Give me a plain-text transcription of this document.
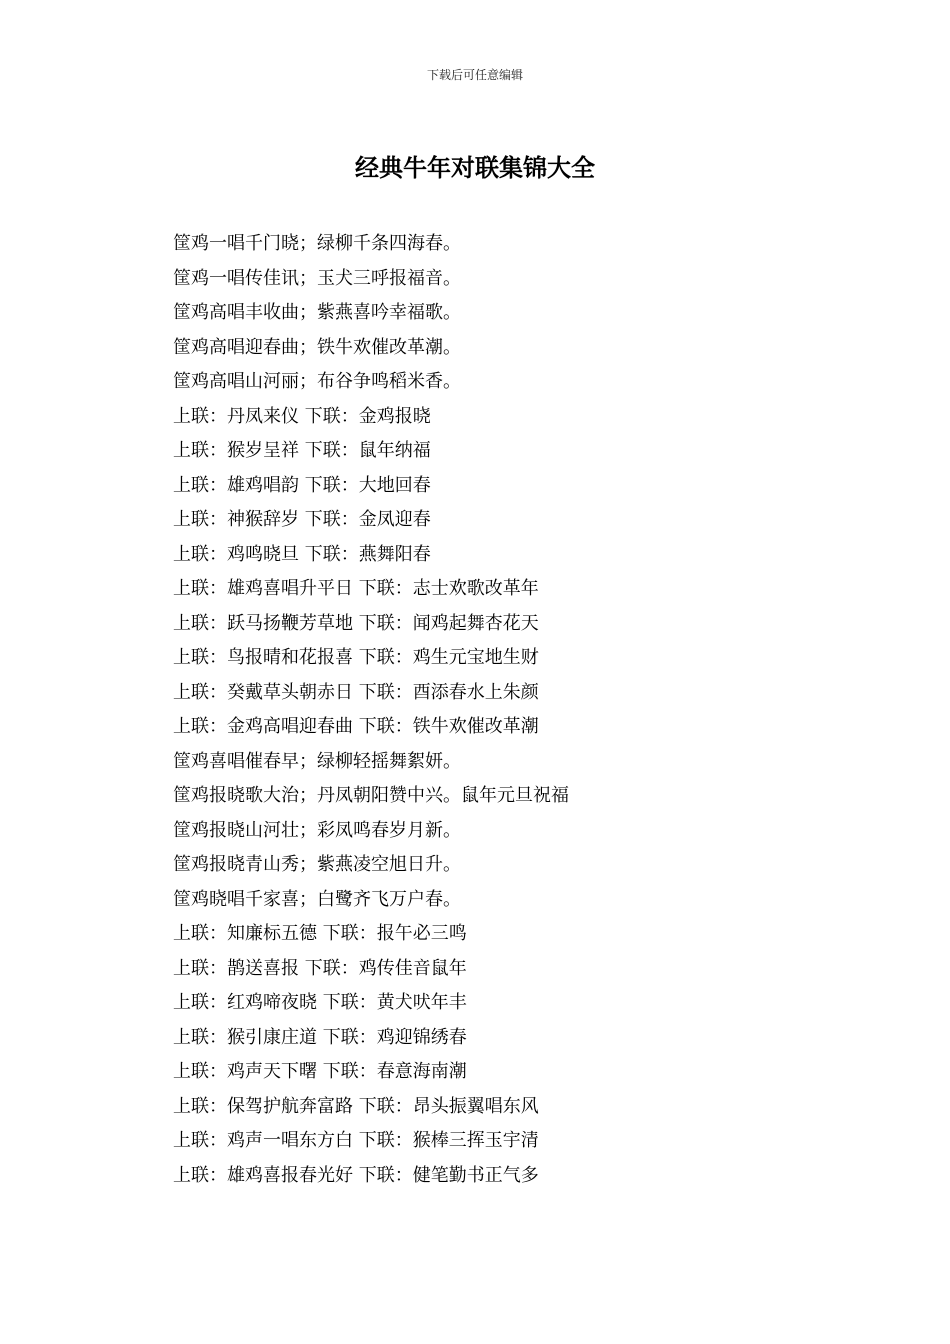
下载后可任意编辑
经典牛年对联集锦大全
筐鸡一唱千门晓；绿柳千条四海春。
筐鸡一唱传佳讯；玉犬三呼报福音。
筐鸡高唱丰收曲；紫燕喜吟幸福歌。
筐鸡高唱迎春曲；铁牛欢催改革潮。
筐鸡高唱山河丽；布谷争鸣稻米香。
上联：丹凤来仪 下联：金鸡报晓
上联：猴岁呈祥 下联：鼠年纳福
上联：雄鸡唱韵 下联：大地回春
上联：神猴辞岁 下联：金凤迎春
上联：鸡鸣晓旦 下联：燕舞阳春
上联：雄鸡喜唱升平日 下联：志士欢歌改革年
上联：跃马扬鞭芳草地 下联：闻鸡起舞杏花天
上联：鸟报晴和花报喜 下联：鸡生元宝地生财
上联：癸戴草头朝赤日 下联：酉添春水上朱颜
上联：金鸡高唱迎春曲 下联：铁牛欢催改革潮
筐鸡喜唱催春早；绿柳轻摇舞絮妍。
筐鸡报晓歌大治；丹凤朝阳赞中兴。鼠年元旦祝福
筐鸡报晓山河壮；彩凤鸣春岁月新。
筐鸡报晓青山秀；紫燕凌空旭日升。
筐鸡晓唱千家喜；白鹭齐飞万户春。
上联：知廉标五德 下联：报午必三鸣
上联：鹊送喜报 下联：鸡传佳音鼠年
上联：红鸡啼夜晓 下联：黄犬吠年丰
上联：猴引康庄道 下联：鸡迎锦绣春
上联：鸡声天下曙 下联：春意海南潮
上联：保驾护航奔富路 下联：昂头振翼唱东风
上联：鸡声一唱东方白 下联：猴棒三挥玉宇清
上联：雄鸡喜报春光好 下联：健笔勤书正气多
